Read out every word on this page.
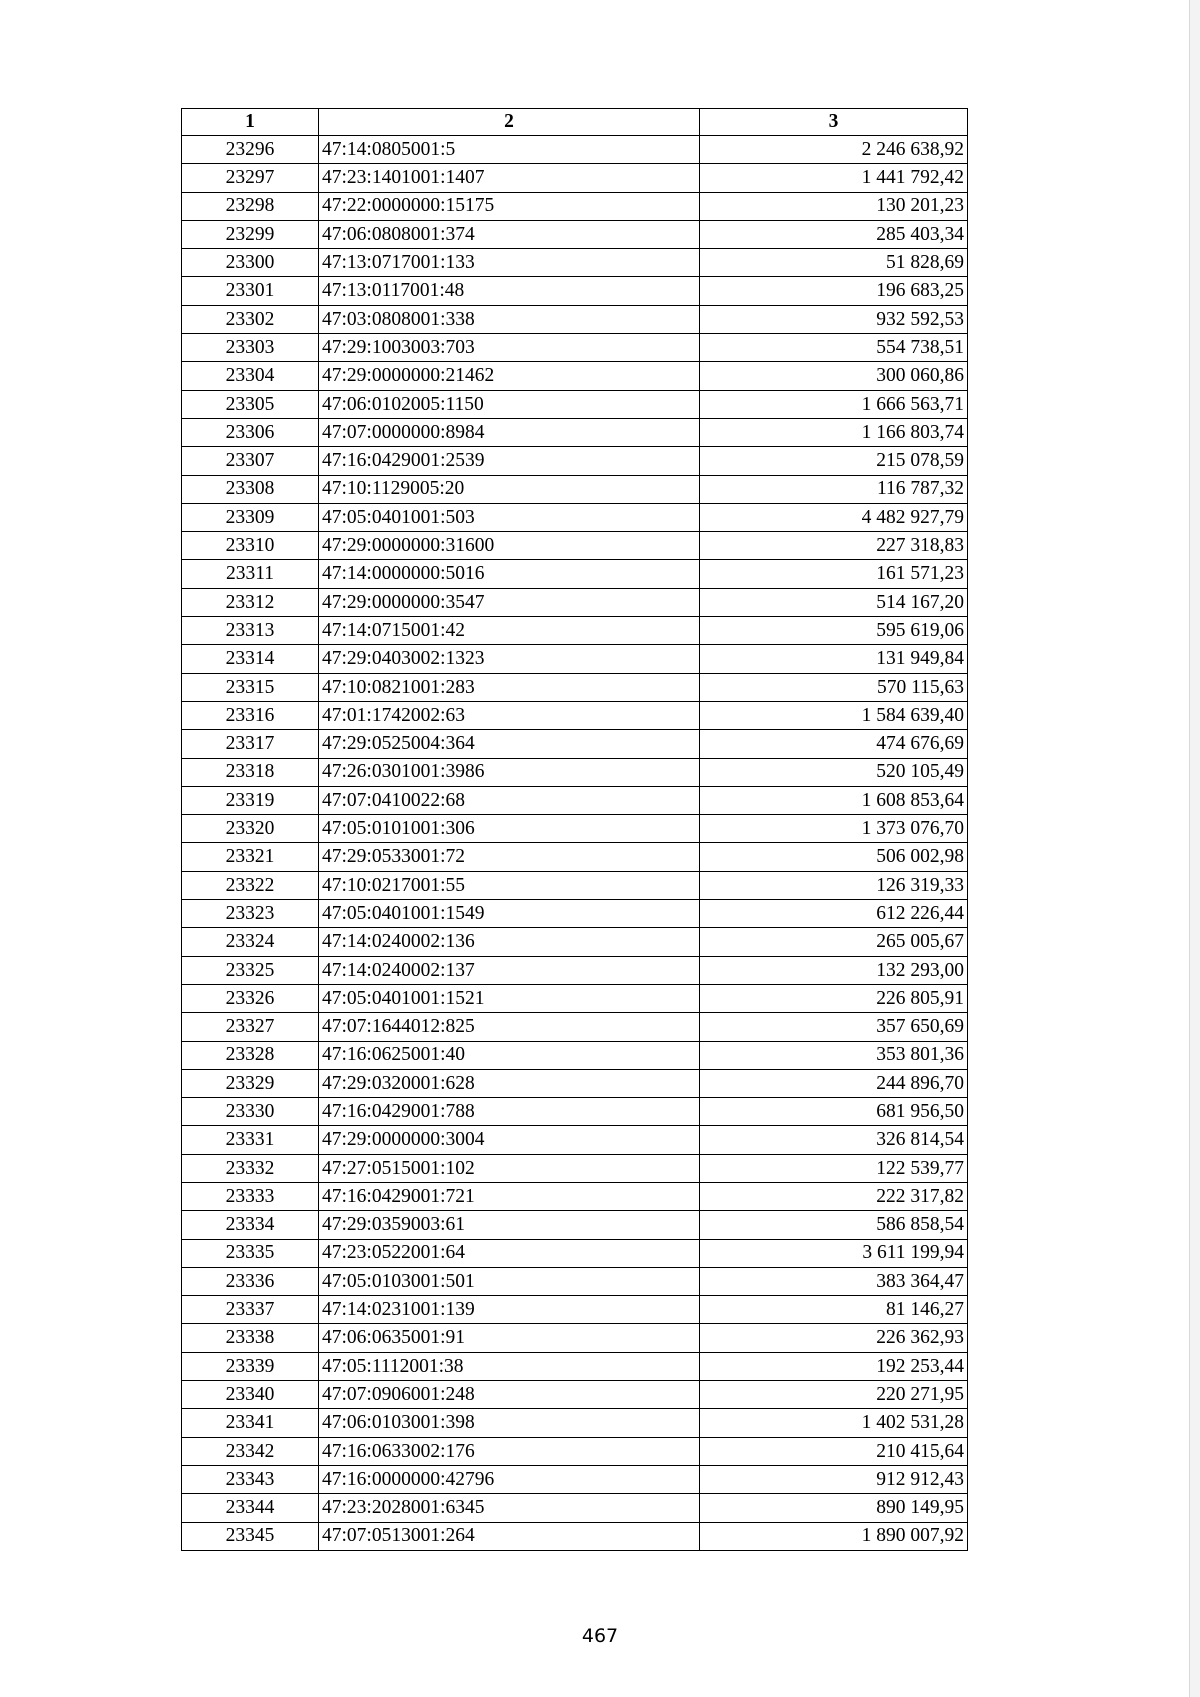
1	2	3
23296	47:14:0805001:5	2 246 638,92
23297	47:23:1401001:1407	1 441 792,42
23298	47:22:0000000:15175	130 201,23
23299	47:06:0808001:374	285 403,34
23300	47:13:0717001:133	51 828,69
23301	47:13:0117001:48	196 683,25
23302	47:03:0808001:338	932 592,53
23303	47:29:1003003:703	554 738,51
23304	47:29:0000000:21462	300 060,86
23305	47:06:0102005:1150	1 666 563,71
23306	47:07:0000000:8984	1 166 803,74
23307	47:16:0429001:2539	215 078,59
23308	47:10:1129005:20	116 787,32
23309	47:05:0401001:503	4 482 927,79
23310	47:29:0000000:31600	227 318,83
23311	47:14:0000000:5016	161 571,23
23312	47:29:0000000:3547	514 167,20
23313	47:14:0715001:42	595 619,06
23314	47:29:0403002:1323	131 949,84
23315	47:10:0821001:283	570 115,63
23316	47:01:1742002:63	1 584 639,40
23317	47:29:0525004:364	474 676,69
23318	47:26:0301001:3986	520 105,49
23319	47:07:0410022:68	1 608 853,64
23320	47:05:0101001:306	1 373 076,70
23321	47:29:0533001:72	506 002,98
23322	47:10:0217001:55	126 319,33
23323	47:05:0401001:1549	612 226,44
23324	47:14:0240002:136	265 005,67
23325	47:14:0240002:137	132 293,00
23326	47:05:0401001:1521	226 805,91
23327	47:07:1644012:825	357 650,69
23328	47:16:0625001:40	353 801,36
23329	47:29:0320001:628	244 896,70
23330	47:16:0429001:788	681 956,50
23331	47:29:0000000:3004	326 814,54
23332	47:27:0515001:102	122 539,77
23333	47:16:0429001:721	222 317,82
23334	47:29:0359003:61	586 858,54
23335	47:23:0522001:64	3 611 199,94
23336	47:05:0103001:501	383 364,47
23337	47:14:0231001:139	81 146,27
23338	47:06:0635001:91	226 362,93
23339	47:05:1112001:38	192 253,44
23340	47:07:0906001:248	220 271,95
23341	47:06:0103001:398	1 402 531,28
23342	47:16:0633002:176	210 415,64
23343	47:16:0000000:42796	912 912,43
23344	47:23:2028001:6345	890 149,95
23345	47:07:0513001:264	1 890 007,92
467
